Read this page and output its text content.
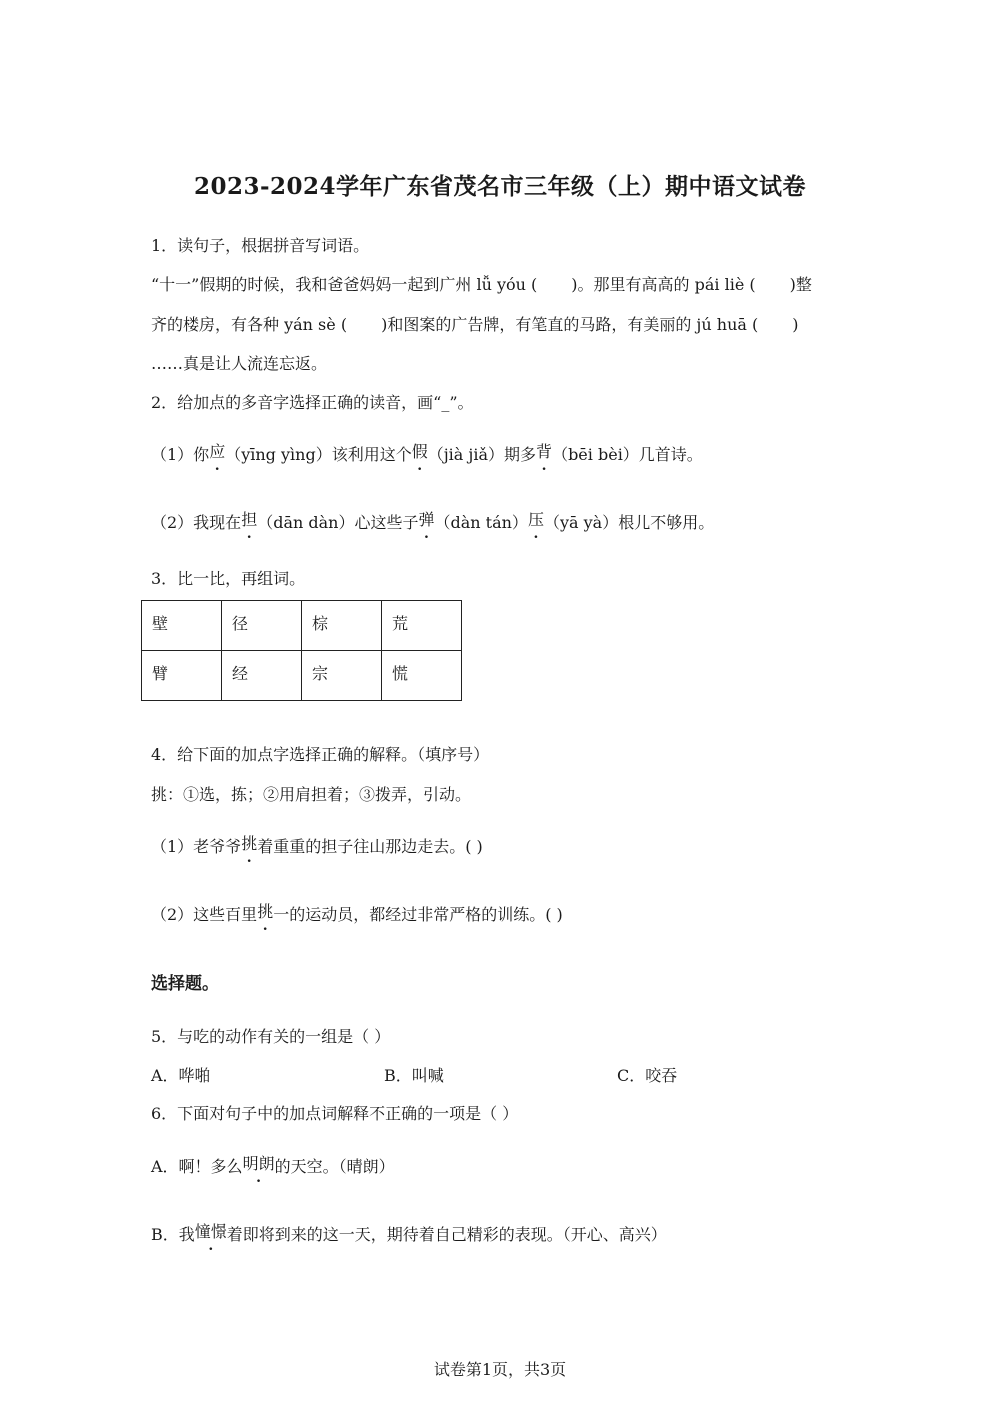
2023-2024学年广东省茂名市三年级（上）期中语文试卷
1．读句子，根据拼音写词语。
“十一”假期的时候，我和爸爸妈妈一起到广州 lǚ yóu ( )。那里有高高的 pái liè ( )整
齐的楼房，有各种 yán sè ( )和图案的广告牌，有笔直的马路，有美丽的 jú huā ( )
……真是让人流连忘返。
2．给加点的多音字选择正确的读音，画“_”。
（1）你应（yīng yìng）该利用这个假（jià jiǎ）期多背（bēi bèi）几首诗。
（2）我现在担（dān dàn）心这些子弹（dàn tán）压（yā yà）根儿不够用。
3．比一比，再组词。
壁	径	棕	荒

臂	经	宗	慌
4．给下面的加点字选择正确的解释。（填序号）
挑：①选，拣；②用肩担着；③拨弄，引动。
（1）老爷爷挑着重重的担子往山那边走去。( )
（2）这些百里挑一的运动员，都经过非常严格的训练。( )
选择题。
5．与吃的动作有关的一组是（ ）
A．哗啪	B．叫喊	C．咬吞
6．下面对句子中的加点词解释不正确的一项是（ ）
A．啊！多么明朗的天空。（晴朗）
B．我憧憬着即将到来的这一天，期待着自己精彩的表现。（开心、高兴）
试卷第1页，共3页
